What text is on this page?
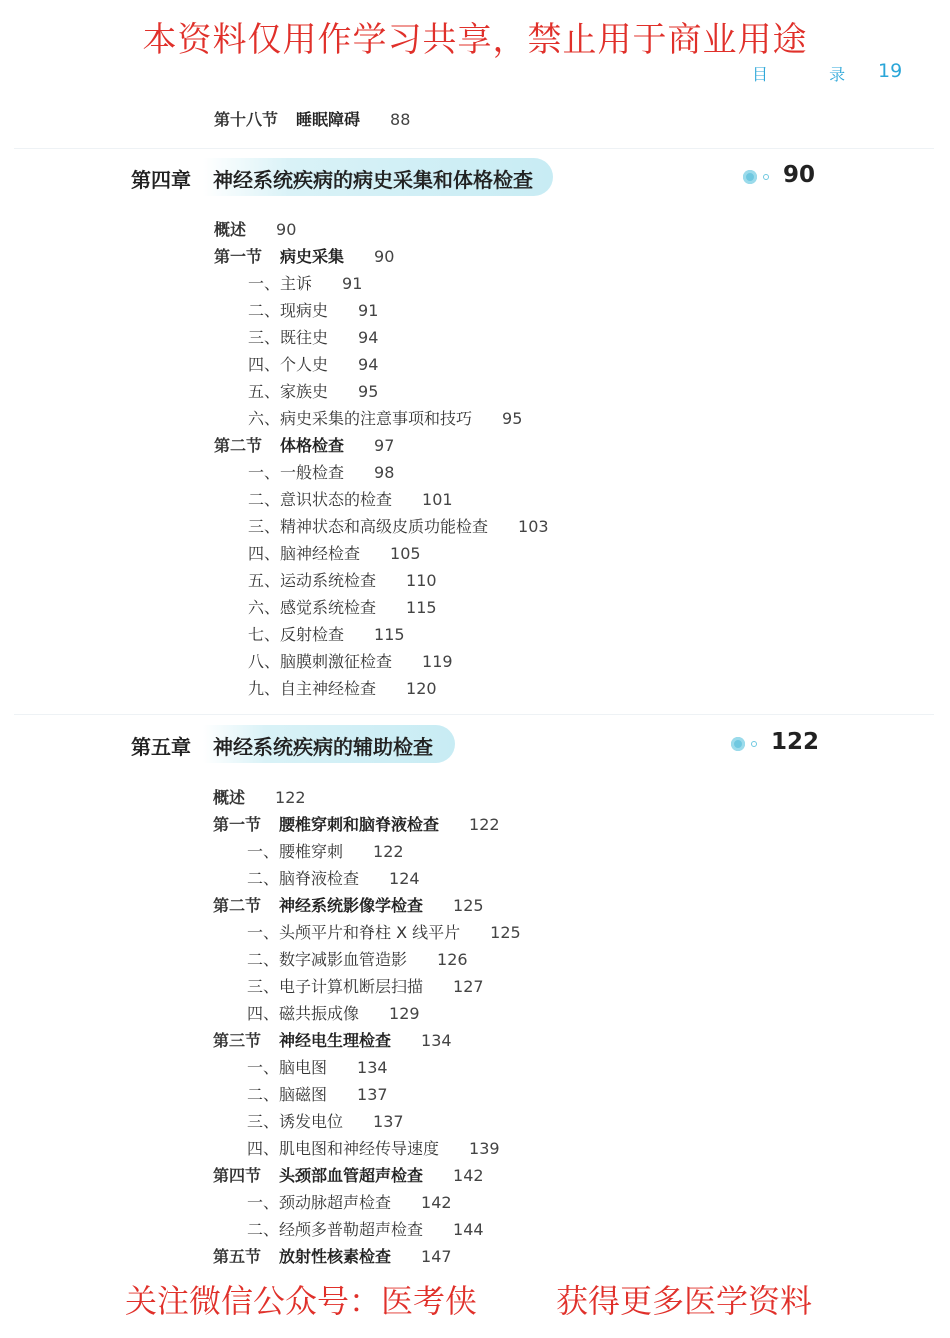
本资料仅用作学习共享，禁止用于商业用途
目 录 19
第十八节 睡眠障碍 88
第四章 神经系统疾病的病史采集和体格检查	90
概述 90
第一节 病史采集 90
一、主诉 91
二、现病史 91
三、既往史 94
四、个人史 94
五、家族史 95
六、病史采集的注意事项和技巧 95
第二节 体格检查 97
一、一般检查 98
二、意识状态的检查 101
三、精神状态和高级皮质功能检查 103
四、脑神经检查 105
五、运动系统检查 110
六、感觉系统检查 115
七、反射检查 115
八、脑膜刺激征检查 119
九、自主神经检查 120
第五章 神经系统疾病的辅助检查	122
概述 122
第一节 腰椎穿刺和脑脊液检查 122
一、腰椎穿刺 122
二、脑脊液检查 124
第二节 神经系统影像学检查 125
一、头颅平片和脊柱 X 线平片 125
二、数字减影血管造影 126
三、电子计算机断层扫描 127
四、磁共振成像 129
第三节 神经电生理检查 134
一、脑电图 134
二、脑磁图 137
三、诱发电位 137
四、肌电图和神经传导速度 139
第四节 头颈部血管超声检查 142
一、颈动脉超声检查 142
二、经颅多普勒超声检查 144
第五节 放射性核素检查 147
关注微信公众号：医考侠 获得更多医学资料
